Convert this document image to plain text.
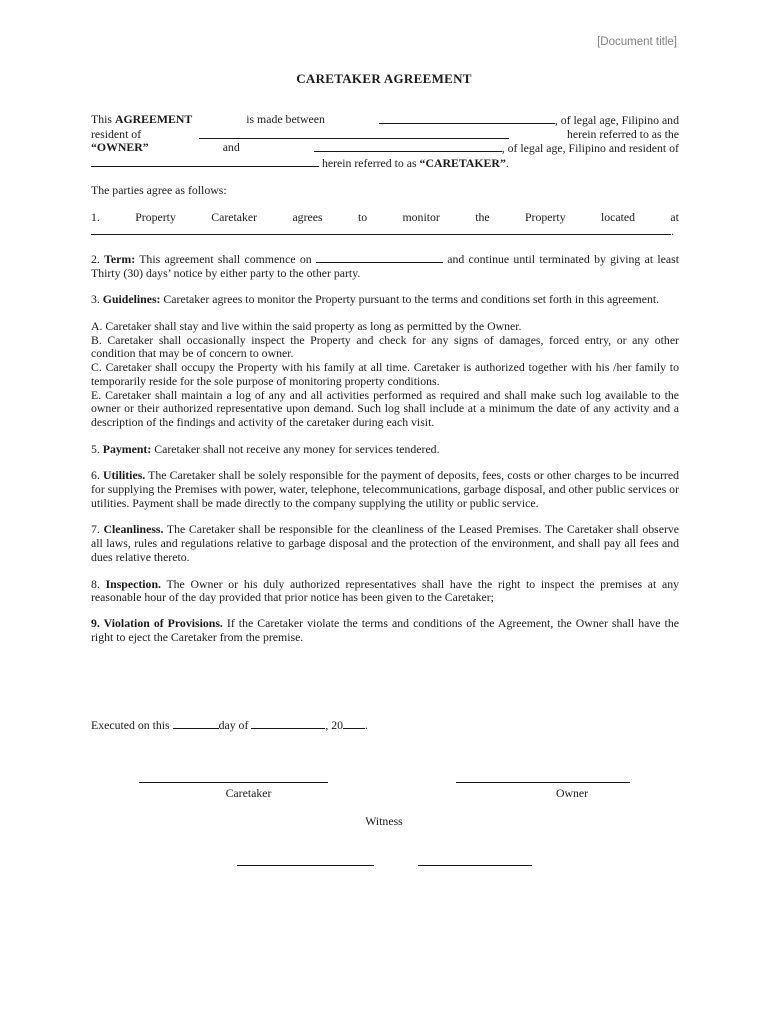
[Document title]
CARETAKER AGREEMENT
This AGREEMENT	is made between	, of legal age, Filipino and
resident of	herein referred to as the
“OWNER”	and	, of legal age, Filipino and resident of
herein referred to as “CARETAKER”.

The parties agree as follows:

1.	Property	Caretaker	agrees	to	monitor	the	Property	located	at
.

2. Term: This agreement shall commence on	and continue until terminated by giving at least Thirty (30) days’ notice by either party to the other party.

3. Guidelines: Caretaker agrees to monitor the Property pursuant to the terms and conditions set forth in this agreement.

A. Caretaker shall stay and live within the said property as long as permitted by the Owner.

B. Caretaker shall occasionally inspect the Property and check for any signs of damages, forced entry, or any other condition that may be of concern to owner.

C. Caretaker shall occupy the Property with his family at all time. Caretaker is authorized together with his /her family to temporarily reside for the sole purpose of monitoring property conditions.

E. Caretaker shall maintain a log of any and all activities performed as required and shall make such log available to the owner or their authorized representative upon demand. Such log shall include at a minimum the date of any activity and a description of the findings and activity of the caretaker during each visit.

5. Payment: Caretaker shall not receive any money for services tendered.

6. Utilities. The Caretaker shall be solely responsible for the payment of deposits, fees, costs or other charges to be incurred for supplying the Premises with power, water, telephone, telecommunications, garbage disposal, and other public services or utilities. Payment shall be made directly to the company supplying the utility or public service.

7. Cleanliness. The Caretaker shall be responsible for the cleanliness of the Leased Premises. The Caretaker shall observe all laws, rules and regulations relative to garbage disposal and the protection of the environment, and shall pay all fees and dues relative thereto.

8. Inspection. The Owner or his duly authorized representatives shall have the right to inspect the premises at any reasonable hour of the day provided that prior notice has been given to the Caretaker;

9. Violation of Provisions. If the Caretaker violate the terms and conditions of the Agreement, the Owner shall have the right to eject the Caretaker from the premise.

Executed on this	day of	, 20 .
Caretaker	Owner
Witness
